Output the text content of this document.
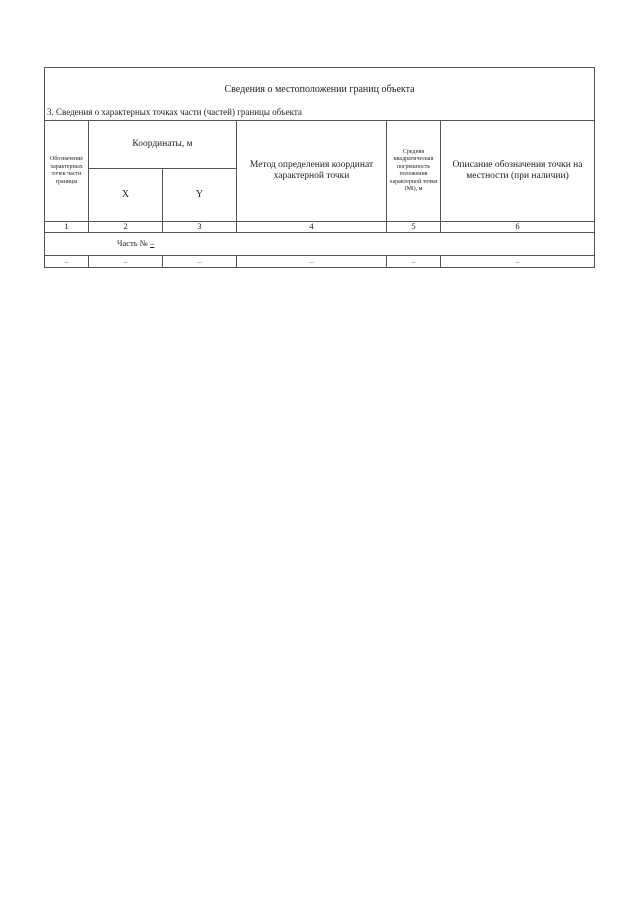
Сведения о местоположении границ объекта					
3. Сведения о характерных точках части (частей) границы объекта					
Обозначение характерных точек части границы	Координаты, м		Метод определения координат характерной точки	Средняя квадратическая погрешность положения характерной точки (Mt), м	Описание обозначения точки на местности (при наличии)
	X	Y			
1	2	3	4	5	6
Часть № –					
–	–	–	–	–	–
